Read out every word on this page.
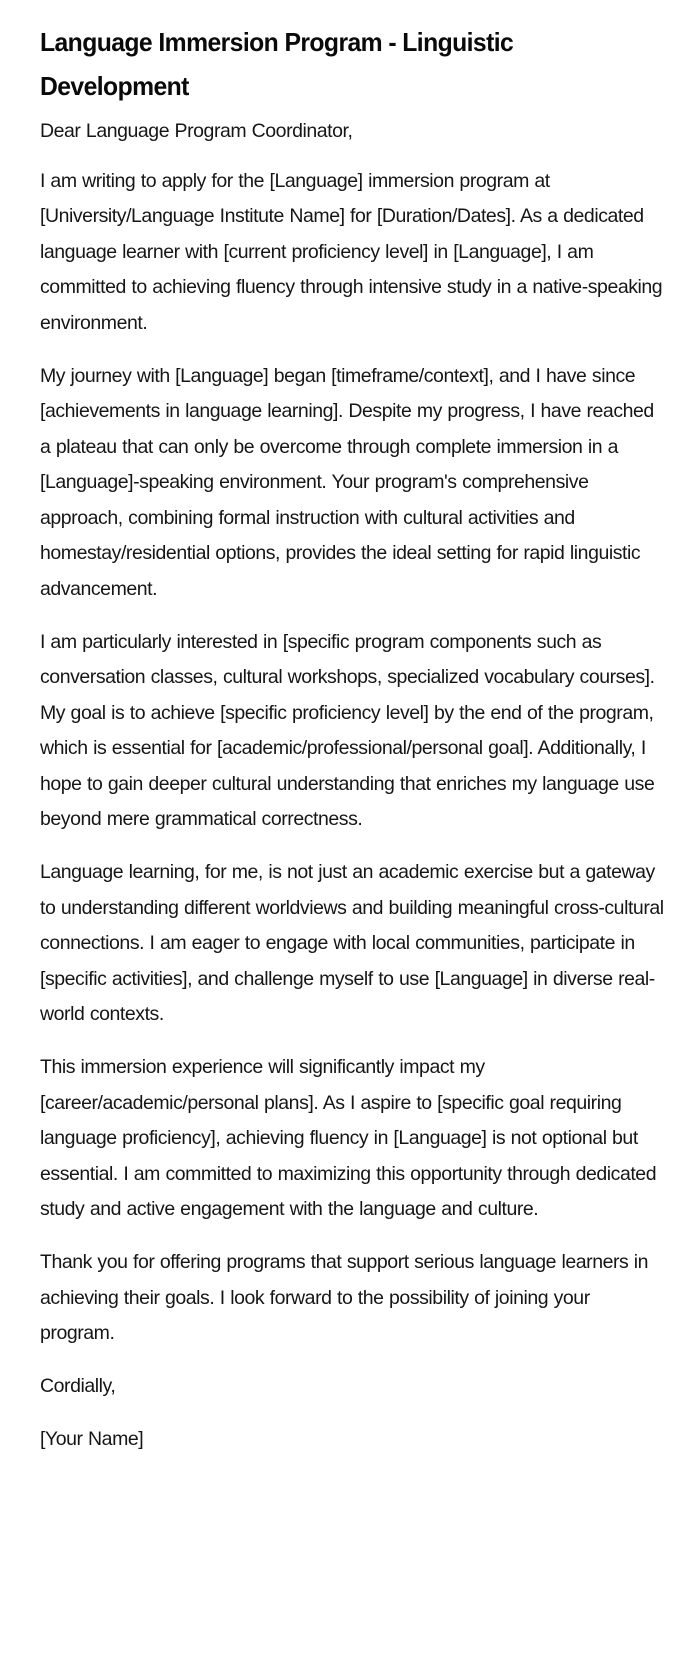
Language Immersion Program - Linguistic Development

Dear Language Program Coordinator,

I am writing to apply for the [Language] immersion program at [University/Language Institute Name] for [Duration/Dates]. As a dedicated language learner with [current proficiency level] in [Language], I am committed to achieving fluency through intensive study in a native-speaking environment.

My journey with [Language] began [timeframe/context], and I have since [achievements in language learning]. Despite my progress, I have reached a plateau that can only be overcome through complete immersion in a [Language]-speaking environment. Your program's comprehensive approach, combining formal instruction with cultural activities and homestay/residential options, provides the ideal setting for rapid linguistic advancement.

I am particularly interested in [specific program components such as conversation classes, cultural workshops, specialized vocabulary courses]. My goal is to achieve [specific proficiency level] by the end of the program, which is essential for [academic/professional/personal goal]. Additionally, I hope to gain deeper cultural understanding that enriches my language use beyond mere grammatical correctness.

Language learning, for me, is not just an academic exercise but a gateway to understanding different worldviews and building meaningful cross-cultural connections. I am eager to engage with local communities, participate in [specific activities], and challenge myself to use [Language] in diverse real-world contexts.

This immersion experience will significantly impact my [career/academic/personal plans]. As I aspire to [specific goal requiring language proficiency], achieving fluency in [Language] is not optional but essential. I am committed to maximizing this opportunity through dedicated study and active engagement with the language and culture.

Thank you for offering programs that support serious language learners in achieving their goals. I look forward to the possibility of joining your program.

Cordially,

[Your Name]
